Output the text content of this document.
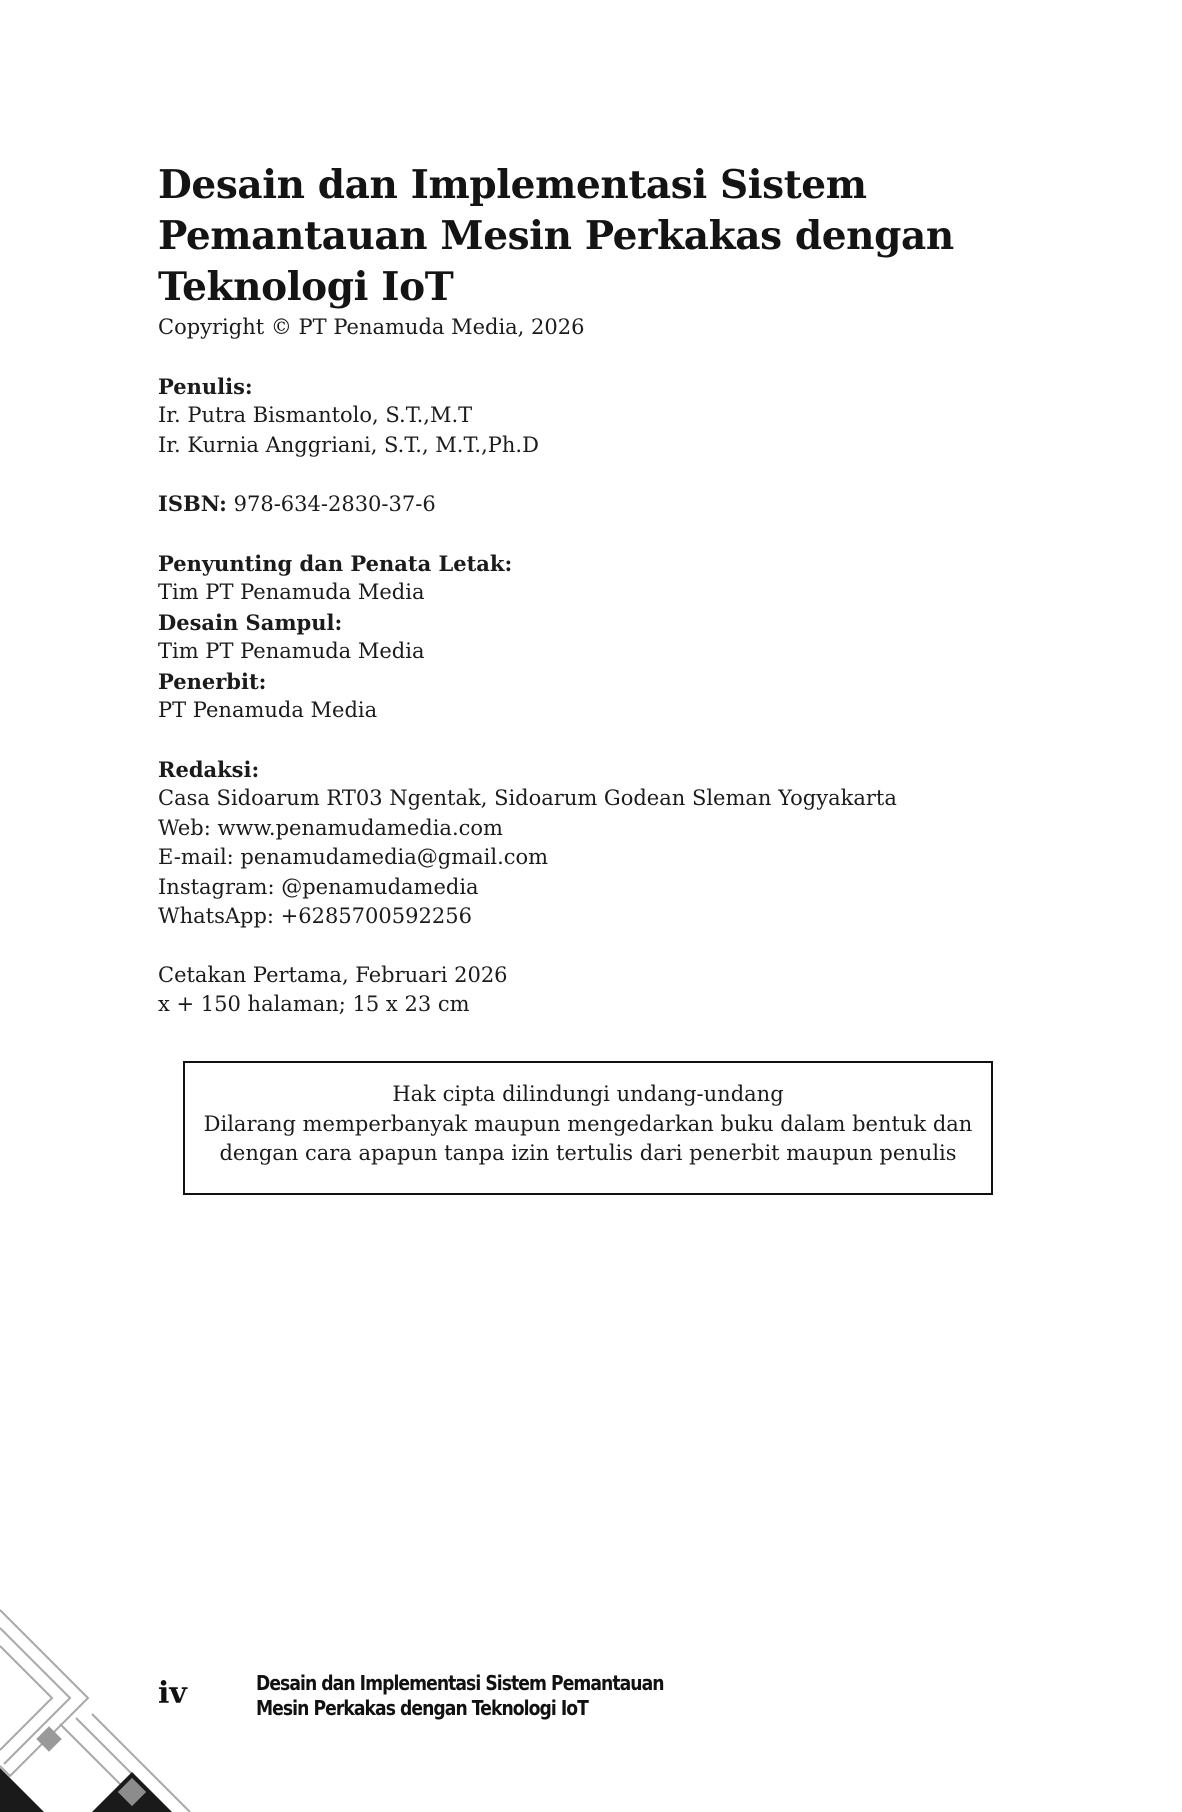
Desain dan Implementasi Sistem
Pemantauan Mesin Perkakas dengan
Teknologi IoT
Copyright © PT Penamuda Media, 2026
Penulis:
Ir. Putra Bismantolo, S.T.,M.T
Ir. Kurnia Anggriani, S.T., M.T.,Ph.D
ISBN: 978-634-2830-37-6
Penyunting dan Penata Letak:
Tim PT Penamuda Media
Desain Sampul:
Tim PT Penamuda Media
Penerbit:
PT Penamuda Media
Redaksi:
Casa Sidoarum RT03 Ngentak, Sidoarum Godean Sleman Yogyakarta
Web: www.penamudamedia.com
E-mail: penamudamedia@gmail.com
Instagram: @penamudamedia
WhatsApp: +6285700592256
Cetakan Pertama, Februari 2026
x + 150 halaman; 15 x 23 cm
Hak cipta dilindungi undang-undang
Dilarang memperbanyak maupun mengedarkan buku dalam bentuk dan
dengan cara apapun tanpa izin tertulis dari penerbit maupun penulis
iv	Desain dan Implementasi Sistem Pemantauan
Mesin Perkakas dengan Teknologi IoT
